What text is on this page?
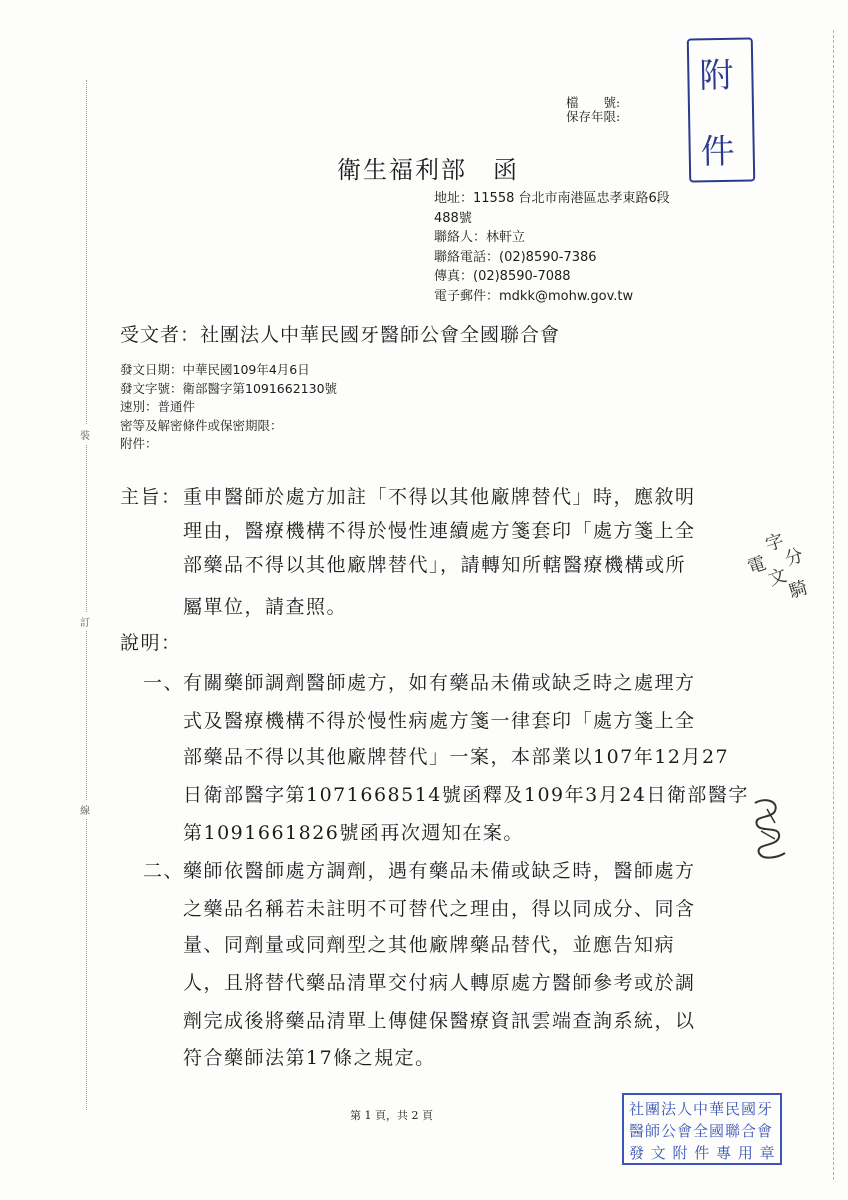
裝
訂
線
檔　　號:
保存年限:
附
件
衛生福利部　函
地址：11558 台北市南港區忠孝東路6段
488號
聯絡人：林軒立
聯絡電話：(02)8590-7386
傳真：(02)8590-7088
電子郵件：mdkk@mohw.gov.tw
受文者：社團法人中華民國牙醫師公會全國聯合會
發文日期：中華民國109年4月6日
發文字號：衛部醫字第1091662130號
速別：普通件
密等及解密條件或保密期限：
附件：
主旨： 重申醫師於處方加註「不得以其他廠牌替代」時，應敘明
理由，醫療機構不得於慢性連續處方箋套印「處方箋上全
部藥品不得以其他廠牌替代」，請轉知所轄醫療機構或所
屬單位，請查照。
說明：
一、
有關藥師調劑醫師處方，如有藥品未備或缺乏時之處理方
式及醫療機構不得於慢性病處方箋一律套印「處方箋上全
部藥品不得以其他廠牌替代」一案，本部業以107年12月27
日衛部醫字第1071668514號函釋及109年3月24日衛部醫字
第1091661826號函再次週知在案。
二、
藥師依醫師處方調劑，遇有藥品未備或缺乏時，醫師處方
之藥品名稱若未註明不可替代之理由，得以同成分、同含
量、同劑量或同劑型之其他廠牌藥品替代，並應告知病
人，且將替代藥品清單交付病人轉原處方醫師參考或於調
劑完成後將藥品清單上傳健保醫療資訊雲端查詢系統，以
符合藥師法第17條之規定。
字
分
電
文
騎
第 1 頁，共 2 頁	社團法人中華民國牙
醫師公會全國聯合會
發 文 附 件 專 用 章
